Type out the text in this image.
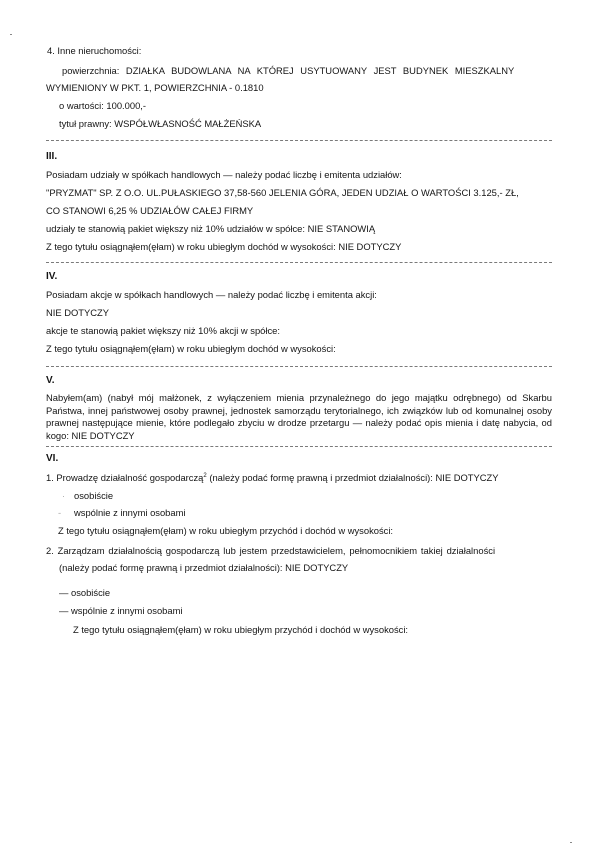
4. Inne nieruchomości:
powierzchnia: DZIAŁKA BUDOWLANA NA KTÓREJ USYTUOWANY JEST BUDYNEK MIESZKALNY
WYMIENIONY W PKT. 1, POWIERZCHNIA - 0.1810
o wartości: 100.000,-
tytuł prawny: WSPÓŁWŁASNOŚĆ MAŁŻEŃSKA
III.
Posiadam udziały w spółkach handlowych — należy podać liczbę i emitenta udziałów:
"PRYZMAT" SP. Z O.O. UL.PUŁASKIEGO 37,58-560 JELENIA GÓRA, JEDEN UDZIAŁ O WARTOŚCI 3.125,- ZŁ,
CO STANOWI 6,25 % UDZIAŁÓW CAŁEJ FIRMY
udziały te stanowią pakiet większy niż 10% udziałów w spółce: NIE STANOWIĄ
Z tego tytułu osiągnąłem(ęłam) w roku ubiegłym dochód w wysokości: NIE DOTYCZY
IV.
Posiadam akcje w spółkach handlowych — należy podać liczbę i emitenta akcji:
NIE DOTYCZY
akcje te stanowią pakiet większy niż 10% akcji w spółce:
Z tego tytułu osiągnąłem(ęłam) w roku ubiegłym dochód w wysokości:
V.
Nabyłem(am) (nabył mój małżonek, z wyłączeniem mienia przynależnego do jego majątku odrębnego) od Skarbu Państwa, innej państwowej osoby prawnej, jednostek samorządu terytorialnego, ich związków lub od komunalnej osoby prawnej następujące mienie, które podlegało zbyciu w drodze przetargu — należy podać opis mienia i datę nabycia, od kogo: NIE DOTYCZY
VI.
1. Prowadzę działalność gospodarczą$^2$ (należy podać formę prawną i przedmiot działalności): NIE DOTYCZY
· osobiście
- wspólnie z innymi osobami
Z tego tytułu osiągnąłem(ęłam) w roku ubiegłym przychód i dochód w wysokości:
2. Zarządzam działalnością gospodarczą lub jestem przedstawicielem, pełnomocnikiem takiej działalności
(należy podać formę prawną i przedmiot działalności): NIE DOTYCZY
— osobiście
— wspólnie z innymi osobami
Z tego tytułu osiągnąłem(ęłam) w roku ubiegłym przychód i dochód w wysokości:
